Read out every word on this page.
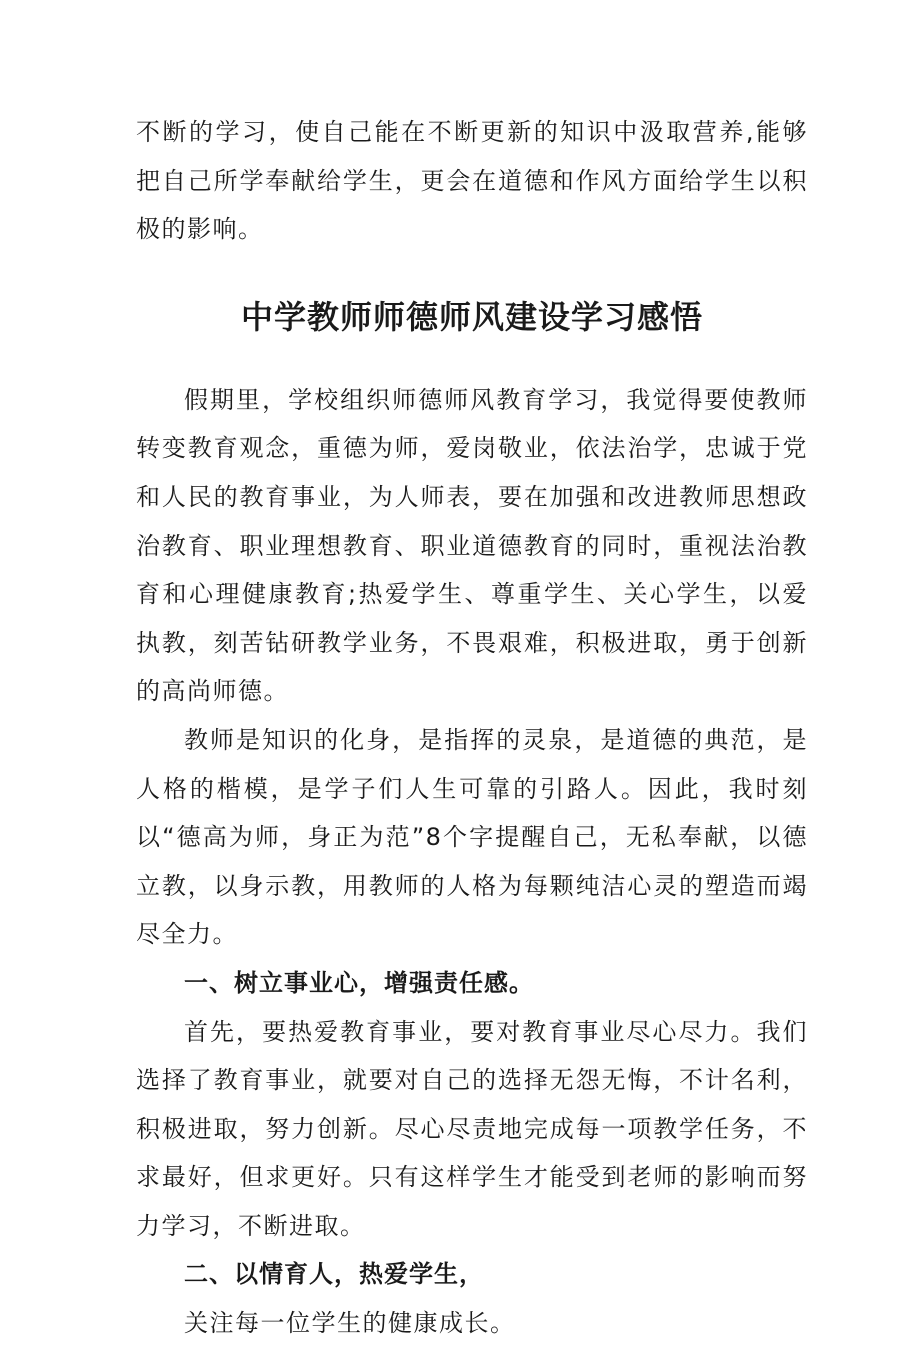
不断的学习，使自己能在不断更新的知识中汲取营养,能够把自己所学奉献给学生，更会在道德和作风方面给学生以积极的影响。

中学教师师德师风建设学习感悟

假期里，学校组织师德师风教育学习，我觉得要使教师转变教育观念，重德为师，爱岗敬业，依法治学，忠诚于党和人民的教育事业，为人师表，要在加强和改进教师思想政治教育、职业理想教育、职业道德教育的同时，重视法治教育和心理健康教育;热爱学生、尊重学生、关心学生，以爱执教，刻苦钻研教学业务，不畏艰难，积极进取，勇于创新的高尚师德。

教师是知识的化身，是指挥的灵泉，是道德的典范，是人格的楷模，是学子们人生可靠的引路人。因此，我时刻以“德高为师，身正为范”8个字提醒自己，无私奉献，以德立教，以身示教，用教师的人格为每颗纯洁心灵的塑造而竭尽全力。

一、树立事业心，增强责任感。

首先，要热爱教育事业，要对教育事业尽心尽力。我们选择了教育事业，就要对自己的选择无怨无悔，不计名利，积极进取，努力创新。尽心尽责地完成每一项教学任务，不求最好，但求更好。只有这样学生才能受到老师的影响而努力学习，不断进取。

二、以情育人，热爱学生，

关注每一位学生的健康成长。
